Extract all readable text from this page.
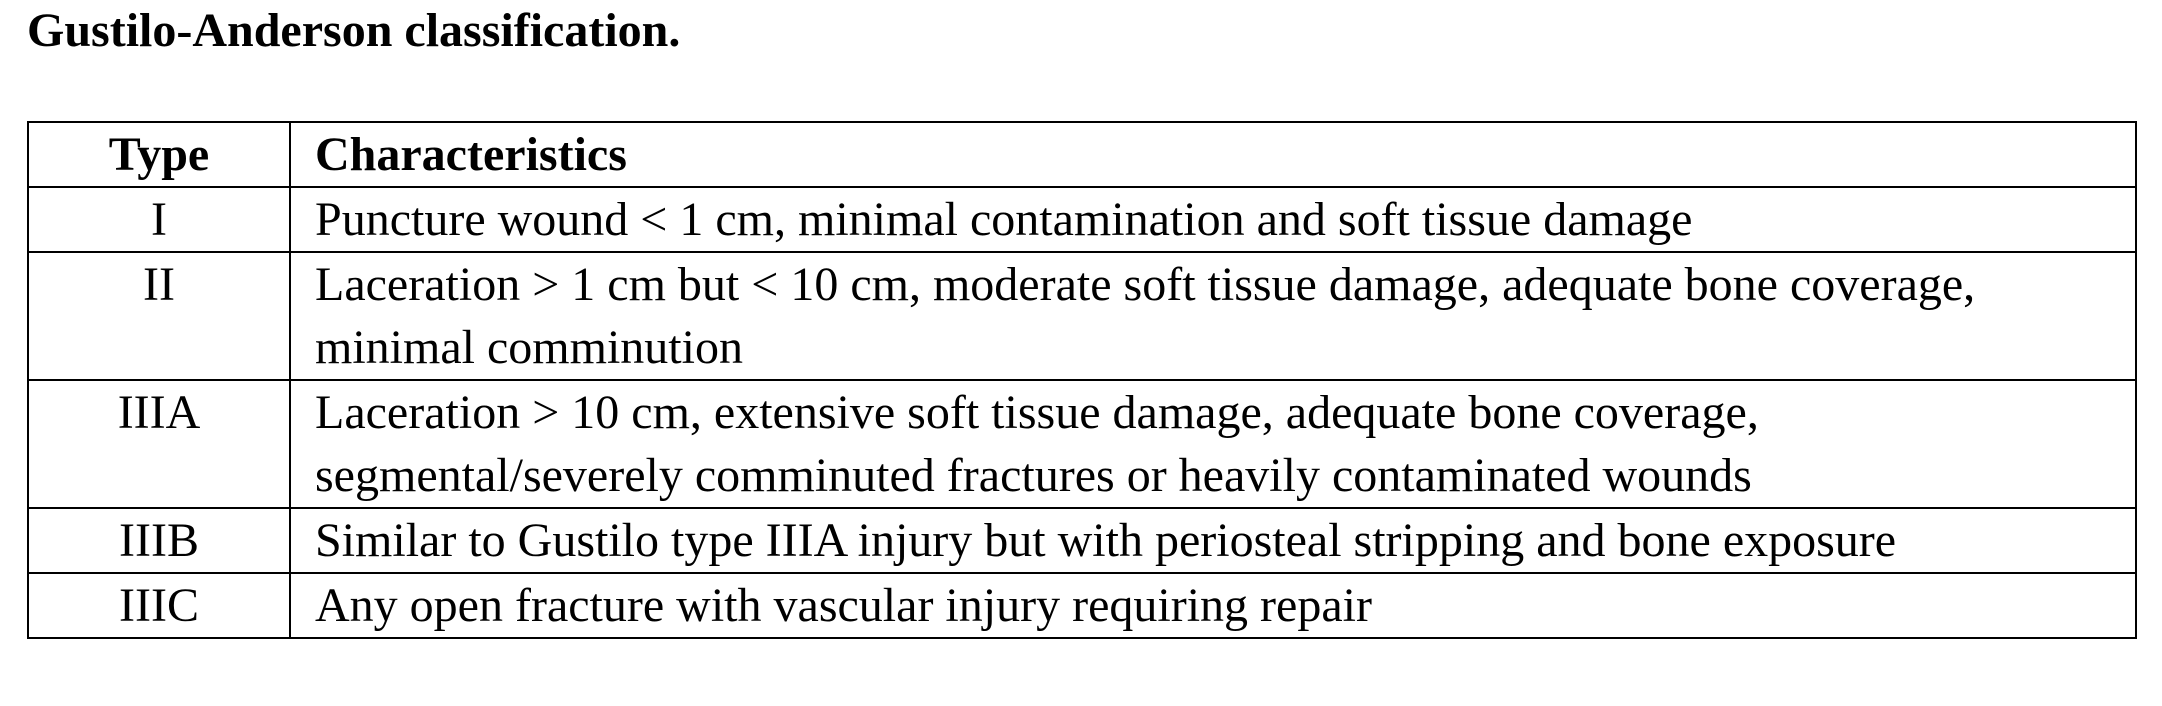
Gustilo-Anderson classification.
Type	Characteristics
I	Puncture wound < 1 cm, minimal contamination and soft tissue damage
II	Laceration > 1 cm but < 10 cm, moderate soft tissue damage, adequate bone coverage, minimal comminution
IIIA	Laceration > 10 cm, extensive soft tissue damage, adequate bone coverage, segmental/severely comminuted fractures or heavily contaminated wounds
IIIB	Similar to Gustilo type IIIA injury but with periosteal stripping and bone exposure
IIIC	Any open fracture with vascular injury requiring repair
